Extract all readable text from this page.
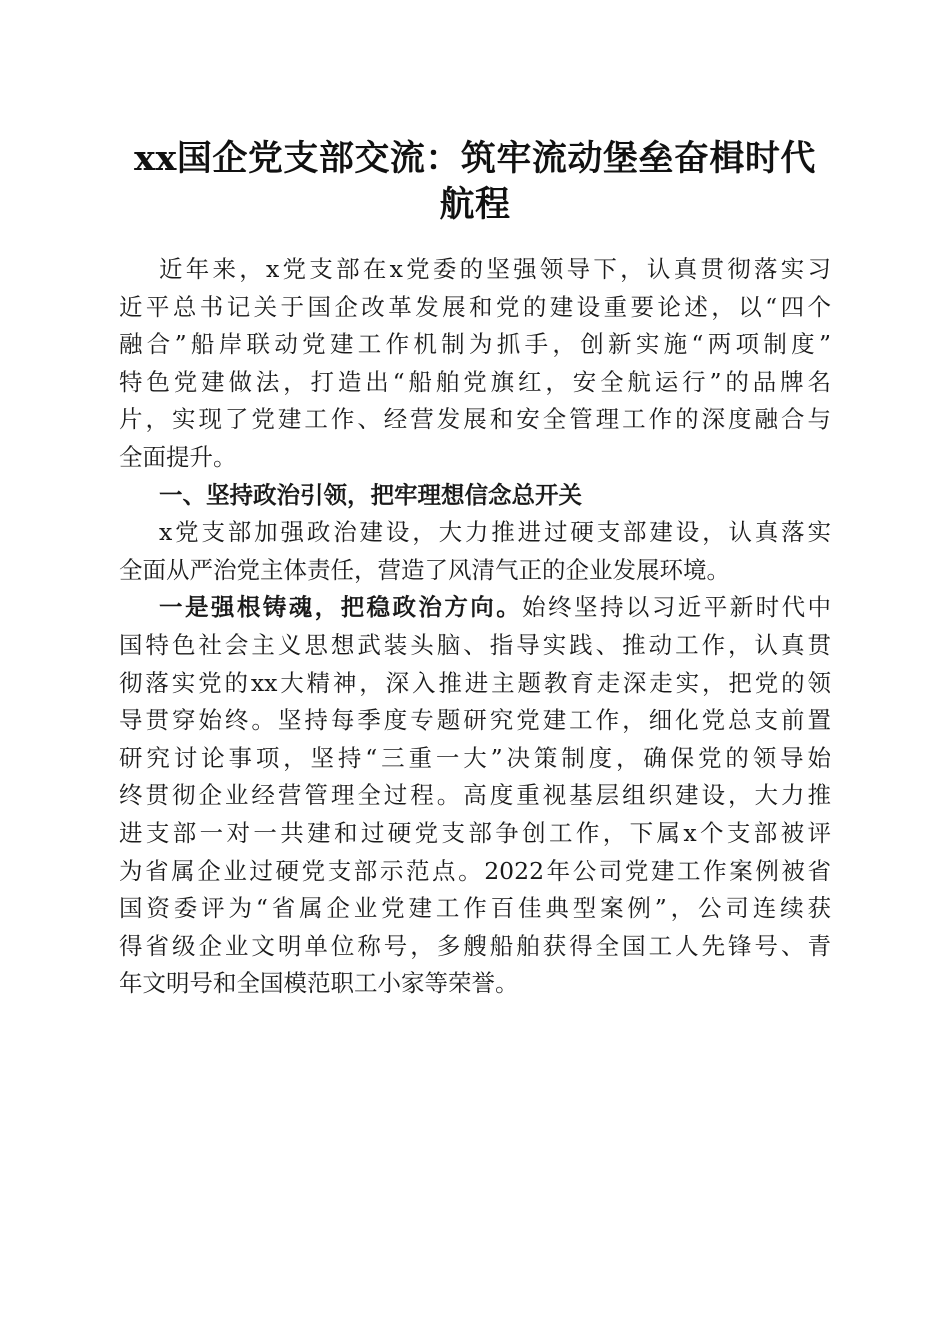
xx国企党支部交流：筑牢流动堡垒奋楫时代
航程
近年来，x党支部在x党委的坚强领导下，认真贯彻落实习
近平总书记关于国企改革发展和党的建设重要论述，以“四个
融合”船岸联动党建工作机制为抓手，创新实施“两项制度”
特色党建做法，打造出“船舶党旗红，安全航运行”的品牌名
片，实现了党建工作、经营发展和安全管理工作的深度融合与
全面提升。
一、坚持政治引领，把牢理想信念总开关
x党支部加强政治建设，大力推进过硬支部建设，认真落实
全面从严治党主体责任，营造了风清气正的企业发展环境。
一是强根铸魂，把稳政治方向。始终坚持以习近平新时代中
国特色社会主义思想武装头脑、指导实践、推动工作，认真贯
彻落实党的xx大精神，深入推进主题教育走深走实，把党的领
导贯穿始终。坚持每季度专题研究党建工作，细化党总支前置
研究讨论事项，坚持“三重一大”决策制度，确保党的领导始
终贯彻企业经营管理全过程。高度重视基层组织建设，大力推
进支部一对一共建和过硬党支部争创工作，下属x个支部被评
为省属企业过硬党支部示范点。2022年公司党建工作案例被省
国资委评为“省属企业党建工作百佳典型案例”，公司连续获
得省级企业文明单位称号，多艘船舶获得全国工人先锋号、青
年文明号和全国模范职工小家等荣誉。
